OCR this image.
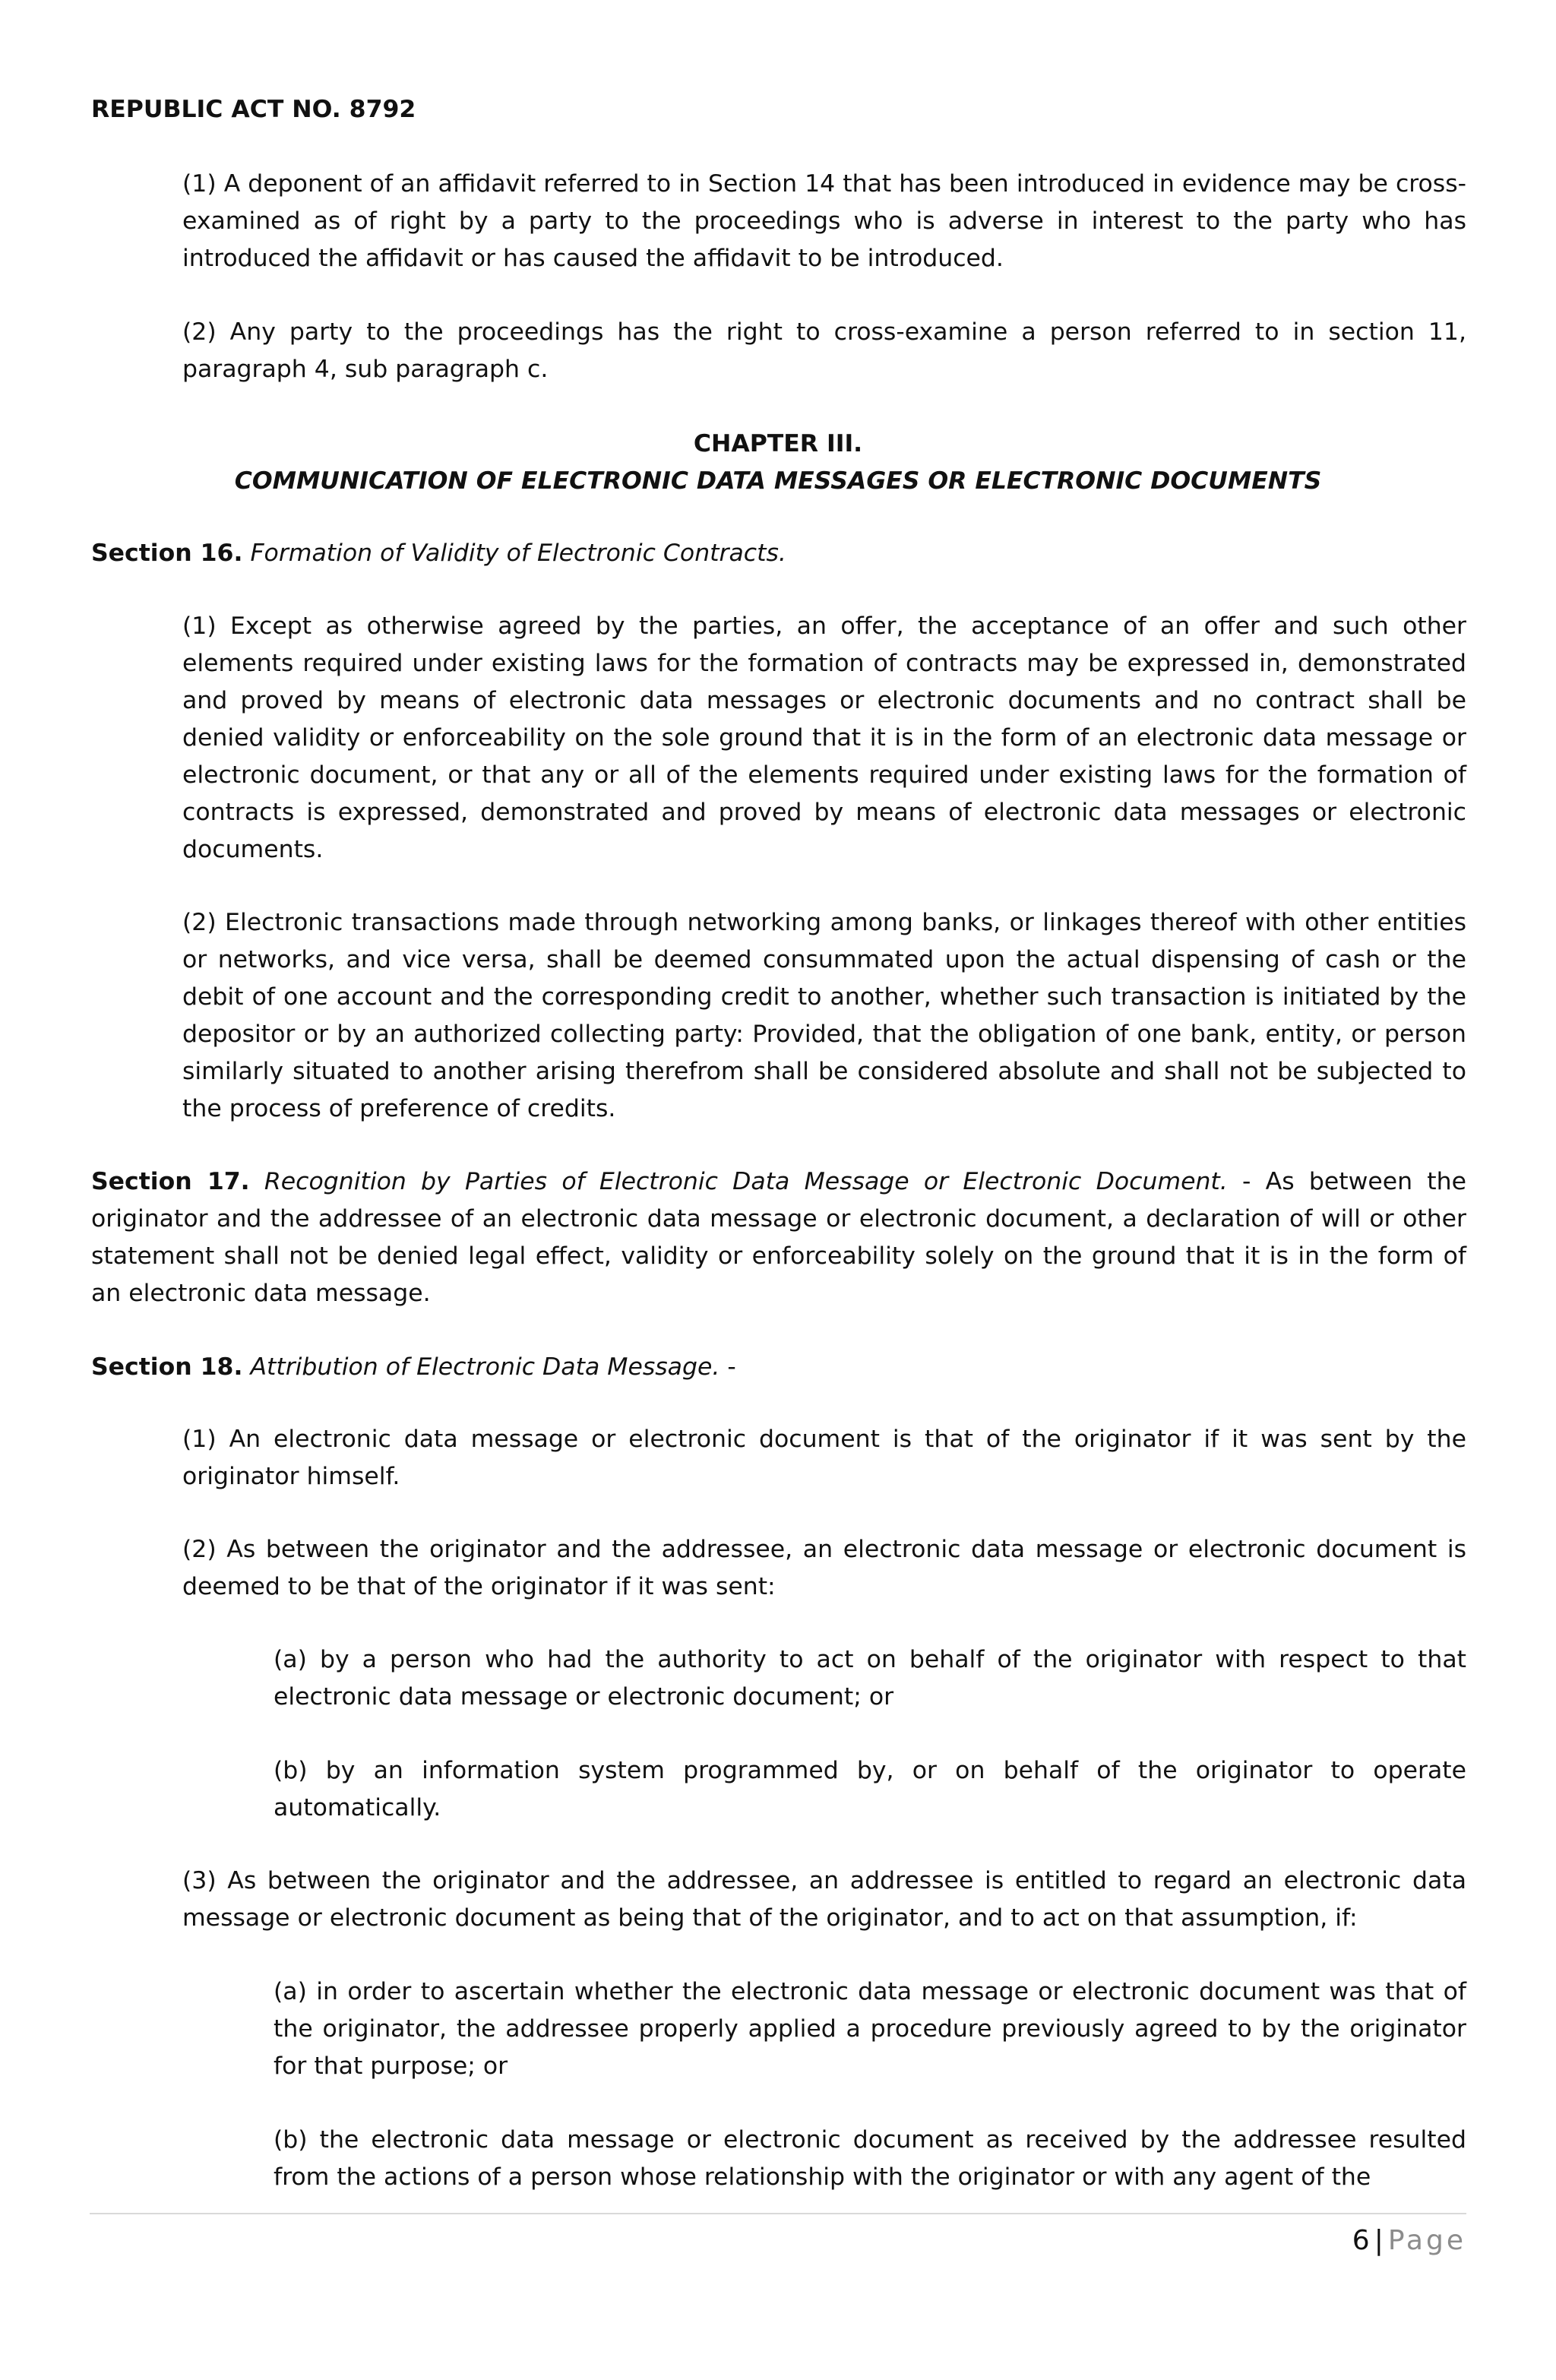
REPUBLIC ACT NO. 8792

(1) A deponent of an affidavit referred to in Section 14 that has been introduced in evidence may be cross-examined as of right by a party to the proceedings who is adverse in interest to the party who has introduced the affidavit or has caused the affidavit to be introduced.

(2) Any party to the proceedings has the right to cross-examine a person referred to in section 11, paragraph 4, sub paragraph c.

CHAPTER III.

COMMUNICATION OF ELECTRONIC DATA MESSAGES OR ELECTRONIC DOCUMENTS

Section 16. Formation of Validity of Electronic Contracts.

(1) Except as otherwise agreed by the parties, an offer, the acceptance of an offer and such other elements required under existing laws for the formation of contracts may be expressed in, demonstrated and proved by means of electronic data messages or electronic documents and no contract shall be denied validity or enforceability on the sole ground that it is in the form of an electronic data message or electronic document, or that any or all of the elements required under existing laws for the formation of contracts is expressed, demonstrated and proved by means of electronic data messages or electronic documents.

(2) Electronic transactions made through networking among banks, or linkages thereof with other entities or networks, and vice versa, shall be deemed consummated upon the actual dispensing of cash or the debit of one account and the corresponding credit to another, whether such transaction is initiated by the depositor or by an authorized collecting party: Provided, that the obligation of one bank, entity, or person similarly situated to another arising therefrom shall be considered absolute and shall not be subjected to the process of preference of credits.

Section 17. Recognition by Parties of Electronic Data Message or Electronic Document. - As between the originator and the addressee of an electronic data message or electronic document, a declaration of will or other statement shall not be denied legal effect, validity or enforceability solely on the ground that it is in the form of an electronic data message.

Section 18. Attribution of Electronic Data Message. -

(1) An electronic data message or electronic document is that of the originator if it was sent by the originator himself.

(2) As between the originator and the addressee, an electronic data message or electronic document is deemed to be that of the originator if it was sent:

(a) by a person who had the authority to act on behalf of the originator with respect to that electronic data message or electronic document; or

(b) by an information system programmed by, or on behalf of the originator to operate automatically.

(3) As between the originator and the addressee, an addressee is entitled to regard an electronic data message or electronic document as being that of the originator, and to act on that assumption, if:

(a) in order to ascertain whether the electronic data message or electronic document was that of the originator, the addressee properly applied a procedure previously agreed to by the originator for that purpose; or

(b) the electronic data message or electronic document as received by the addressee resulted from the actions of a person whose relationship with the originator or with any agent of the

6 | Page
